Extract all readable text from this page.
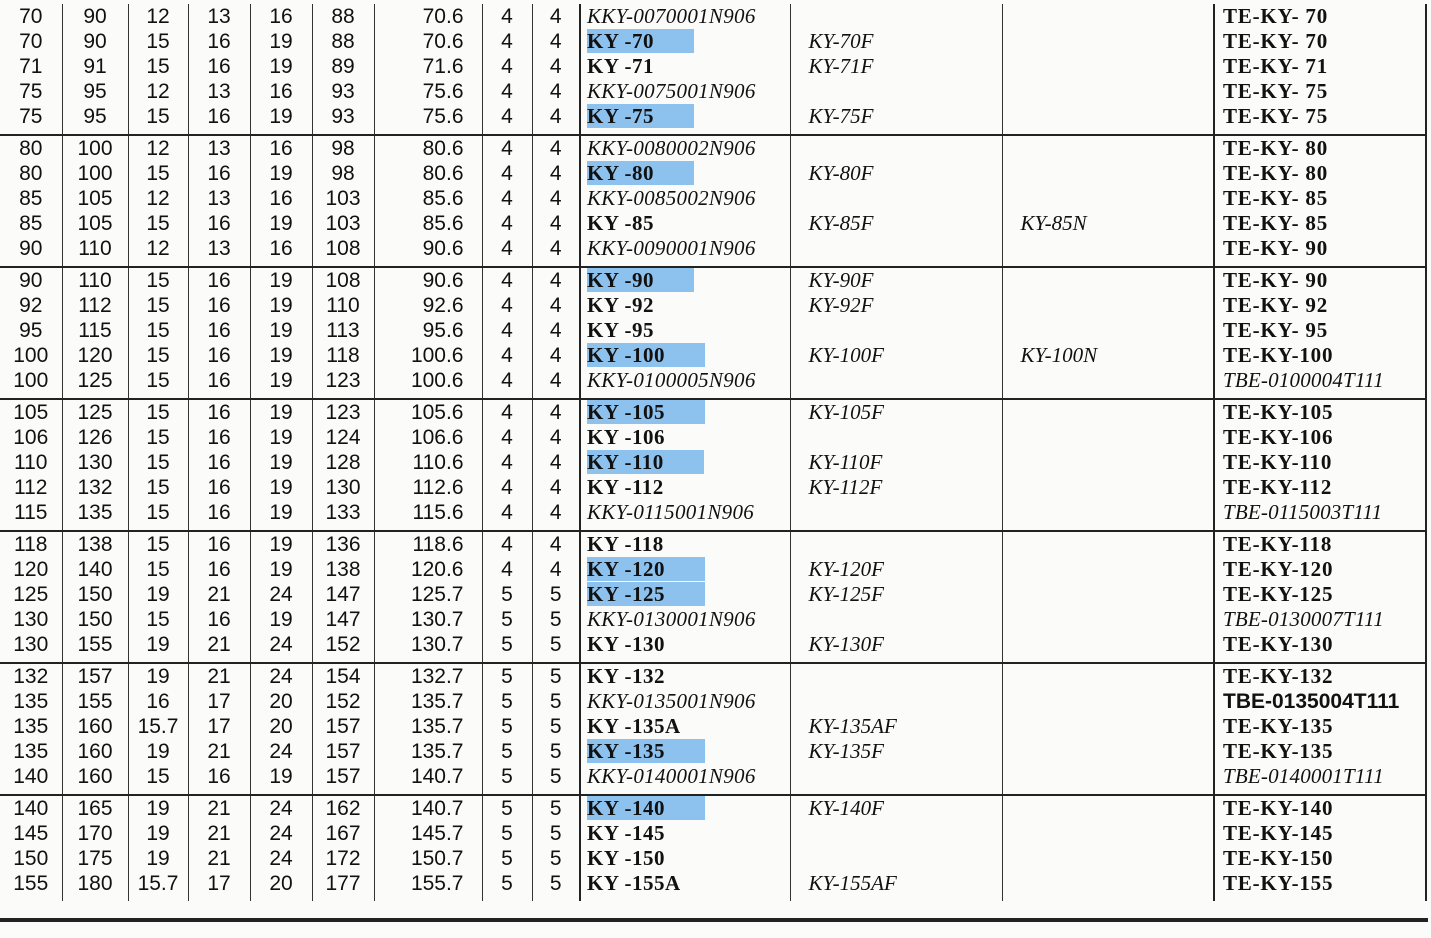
70	90	12	13	16	88	70.6	4	4	KKY-0070001N906			TE-KY- 70
70	90	15	16	19	88	70.6	4	4	KY -70	KY-70F		TE-KY- 70
71	91	15	16	19	89	71.6	4	4	KY -71	KY-71F		TE-KY- 71
75	95	12	13	16	93	75.6	4	4	KKY-0075001N906			TE-KY- 75
75	95	15	16	19	93	75.6	4	4	KY -75	KY-75F		TE-KY- 75
80	100	12	13	16	98	80.6	4	4	KKY-0080002N906			TE-KY- 80
80	100	15	16	19	98	80.6	4	4	KY -80	KY-80F		TE-KY- 80
85	105	12	13	16	103	85.6	4	4	KKY-0085002N906			TE-KY- 85
85	105	15	16	19	103	85.6	4	4	KY -85	KY-85F	KY-85N	TE-KY- 85
90	110	12	13	16	108	90.6	4	4	KKY-0090001N906			TE-KY- 90
90	110	15	16	19	108	90.6	4	4	KY -90	KY-90F		TE-KY- 90
92	112	15	16	19	110	92.6	4	4	KY -92	KY-92F		TE-KY- 92
95	115	15	16	19	113	95.6	4	4	KY -95			TE-KY- 95
100	120	15	16	19	118	100.6	4	4	KY -100	KY-100F	KY-100N	TE-KY-100
100	125	15	16	19	123	100.6	4	4	KKY-0100005N906			TBE-0100004T111
105	125	15	16	19	123	105.6	4	4	KY -105	KY-105F		TE-KY-105
106	126	15	16	19	124	106.6	4	4	KY -106			TE-KY-106
110	130	15	16	19	128	110.6	4	4	KY -110	KY-110F		TE-KY-110
112	132	15	16	19	130	112.6	4	4	KY -112	KY-112F		TE-KY-112
115	135	15	16	19	133	115.6	4	4	KKY-0115001N906			TBE-0115003T111
118	138	15	16	19	136	118.6	4	4	KY -118			TE-KY-118
120	140	15	16	19	138	120.6	4	4	KY -120	KY-120F		TE-KY-120
125	150	19	21	24	147	125.7	5	5	KY -125	KY-125F		TE-KY-125
130	150	15	16	19	147	130.7	5	5	KKY-0130001N906			TBE-0130007T111
130	155	19	21	24	152	130.7	5	5	KY -130	KY-130F		TE-KY-130
132	157	19	21	24	154	132.7	5	5	KY -132			TE-KY-132
135	155	16	17	20	152	135.7	5	5	KKY-0135001N906			TBE-0135004T111
135	160	15.7	17	20	157	135.7	5	5	KY -135A	KY-135AF		TE-KY-135
135	160	19	21	24	157	135.7	5	5	KY -135	KY-135F		TE-KY-135
140	160	15	16	19	157	140.7	5	5	KKY-0140001N906			TBE-0140001T111
140	165	19	21	24	162	140.7	5	5	KY -140	KY-140F		TE-KY-140
145	170	19	21	24	167	145.7	5	5	KY -145			TE-KY-145
150	175	19	21	24	172	150.7	5	5	KY -150			TE-KY-150
155	180	15.7	17	20	177	155.7	5	5	KY -155A	KY-155AF		TE-KY-155
